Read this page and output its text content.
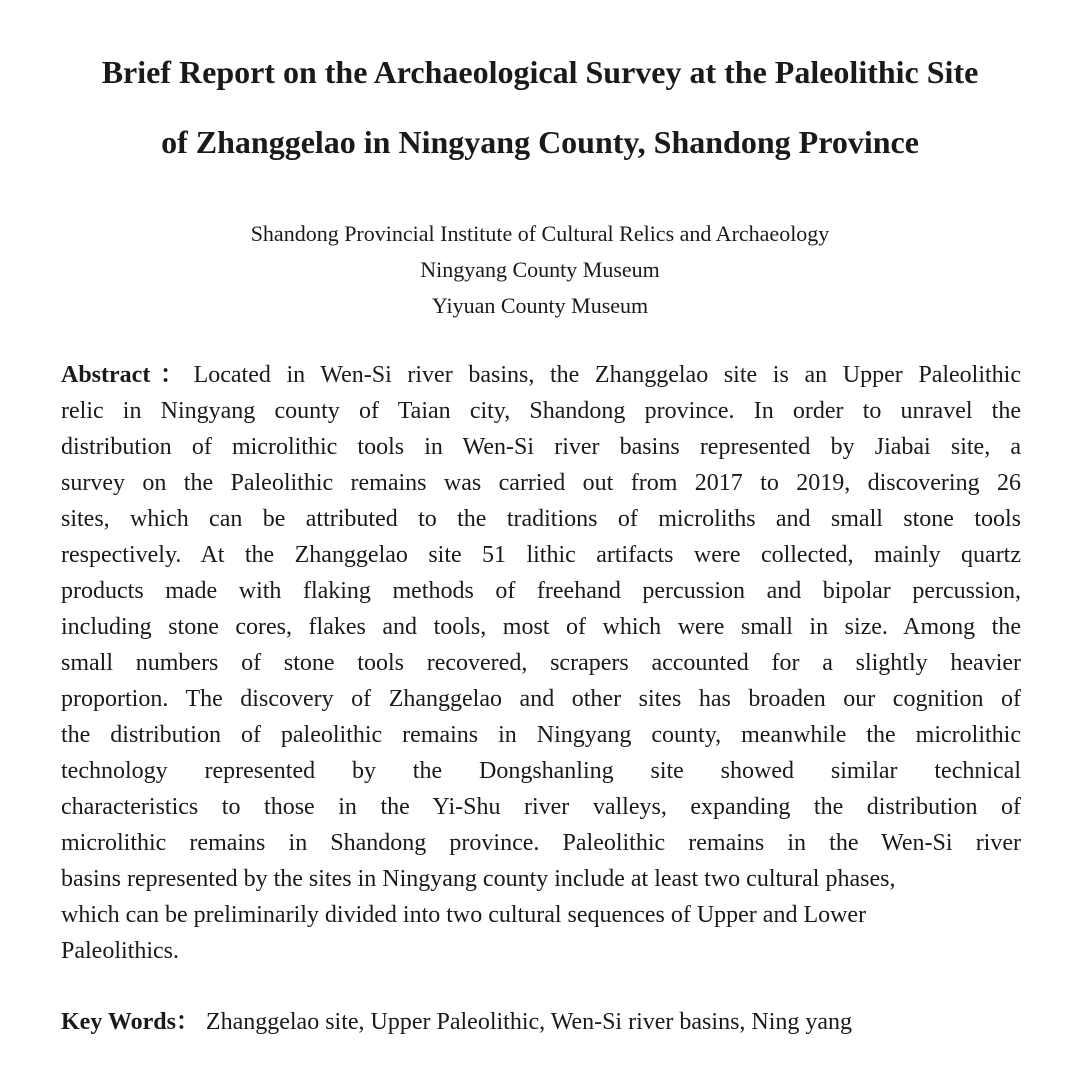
Brief Report on the Archaeological Survey at the Paleolithic Site
of Zhanggelao in Ningyang County, Shandong Province
Shandong Provincial Institute of Cultural Relics and Archaeology
Ningyang County Museum
Yiyuan County Museum
Abstract：Located in Wen-Si river basins, the Zhanggelao site is an Upper Paleolithic
relic in Ningyang county of Taian city, Shandong province. In order to unravel the
distribution of microlithic tools in Wen-Si river basins represented by Jiabai site, a
survey on the Paleolithic remains was carried out from 2017 to 2019, discovering 26
sites, which can be attributed to the traditions of microliths and small stone tools
respectively. At the Zhanggelao site 51 lithic artifacts were collected, mainly quartz
products made with flaking methods of freehand percussion and bipolar percussion,
including stone cores, flakes and tools, most of which were small in size. Among the
small numbers of stone tools recovered, scrapers accounted for a slightly heavier
proportion. The discovery of Zhanggelao and other sites has broaden our cognition of
the distribution of paleolithic remains in Ningyang county, meanwhile the microlithic
technology represented by the Dongshanling site showed similar technical
characteristics to those in the Yi-Shu river valleys, expanding the distribution of
microlithic remains in Shandong province. Paleolithic remains in the Wen-Si river
basins represented by the sites in Ningyang county include at least two cultural phases,
which can be preliminarily divided into two cultural sequences of Upper and Lower
Paleolithics.

Key Words： Zhanggelao site, Upper Paleolithic, Wen-Si river basins, Ning yang
